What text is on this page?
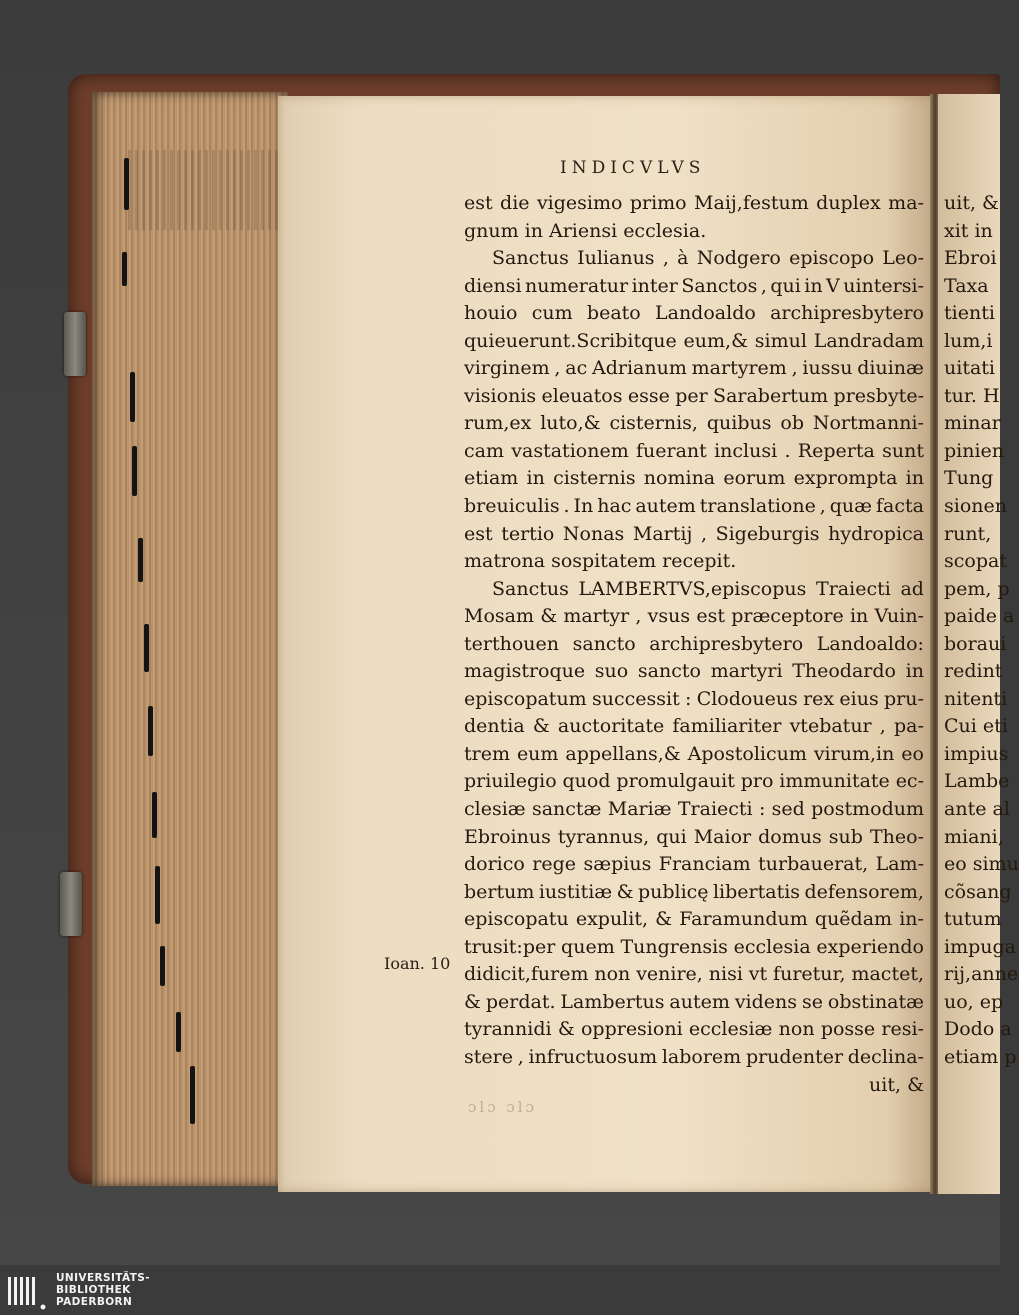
uit, &
xit in
Ebroi
Taxa
tienti
lum,i
uitati
tur. H
minar
pinien
Tung
sionen
runt,
scopat
pem, p
paide a
boraui
redint
nitenti
Cui eti
impius
Lambe
ante al
miani,
eo simu
cõsang
tutum
impuga
rij,anne
uo, ep
Dodo a
etiam p

INDICVLVS

est die vigesimo primo Maij,festum duplex ma-
gnum in Ariensi ecclesia.
Sanctus Iulianus , à Nodgero episcopo Leo-
diensi numeratur inter Sanctos , qui in V uintersi-
houio cum beato Landoaldo archipresbytero
quieuerunt.Scribitque eum,& simul Landradam
virginem , ac Adrianum martyrem , iussu diuinæ
visionis eleuatos esse per Sarabertum presbyte-
rum,ex luto,& cisternis, quibus ob Nortmanni-
cam vastationem fuerant inclusi . Reperta sunt
etiam in cisternis nomina eorum exprompta in
breuiculis . In hac autem translatione , quæ facta
est tertio Nonas Martij , Sigeburgis hydropica
matrona sospitatem recepit.
Sanctus LAMBERTVS,episcopus Traiecti ad
Mosam & martyr , vsus est præceptore in Vuin-
terthouen sancto archipresbytero Landoaldo:
magistroque suo sancto martyri Theodardo in
episcopatum successit : Clodoueus rex eius pru-
dentia & auctoritate familiariter vtebatur , pa-
trem eum appellans,& Apostolicum virum,in eo
priuilegio quod promulgauit pro immunitate ec-
clesiæ sanctæ Mariæ Traiecti : sed postmodum
Ebroinus tyrannus, qui Maior domus sub Theo-
dorico rege sæpius Franciam turbauerat, Lam-
bertum iustitiæ & publicę libertatis defensorem,
episcopatu expulit, & Faramundum quẽdam in-
trusit:per quem Tungrensis ecclesia experiendo
didicit,furem non venire, nisi vt furetur, mactet,
& perdat. Lambertus autem videns se obstinatæ
tyrannidi & oppresioni ecclesiæ non posse resi-
stere , infructuosum laborem prudenter declina-
uit, &

Ioan. 10

ɔlɔ ɔlɔ

UNIVERSITÄTS-
BIBLIOTHEK
PADERBORN
